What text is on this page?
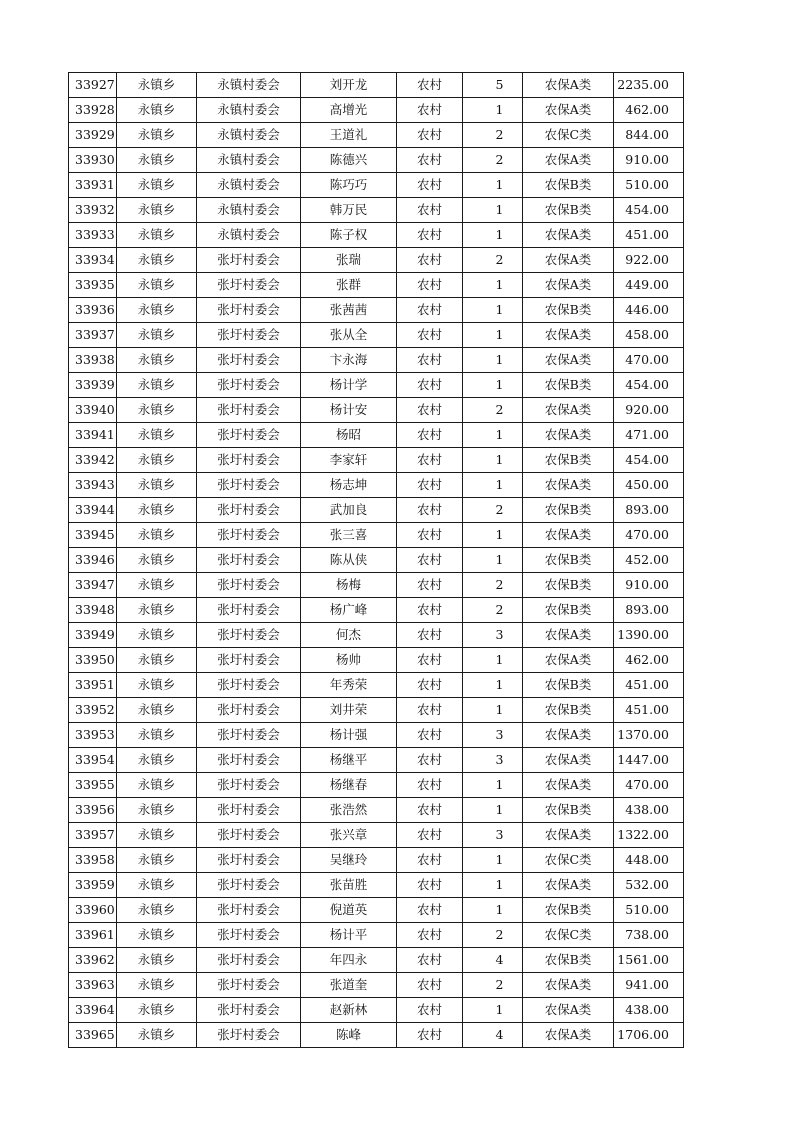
33927	永镇乡	永镇村委会	刘开龙	农村	5	农保A类	2235.00
33928	永镇乡	永镇村委会	高增光	农村	1	农保A类	462.00
33929	永镇乡	永镇村委会	王道礼	农村	2	农保C类	844.00
33930	永镇乡	永镇村委会	陈德兴	农村	2	农保A类	910.00
33931	永镇乡	永镇村委会	陈巧巧	农村	1	农保B类	510.00
33932	永镇乡	永镇村委会	韩万民	农村	1	农保B类	454.00
33933	永镇乡	永镇村委会	陈子权	农村	1	农保A类	451.00
33934	永镇乡	张圩村委会	张瑞	农村	2	农保A类	922.00
33935	永镇乡	张圩村委会	张群	农村	1	农保A类	449.00
33936	永镇乡	张圩村委会	张茜茜	农村	1	农保B类	446.00
33937	永镇乡	张圩村委会	张从全	农村	1	农保A类	458.00
33938	永镇乡	张圩村委会	卞永海	农村	1	农保A类	470.00
33939	永镇乡	张圩村委会	杨计学	农村	1	农保B类	454.00
33940	永镇乡	张圩村委会	杨计安	农村	2	农保A类	920.00
33941	永镇乡	张圩村委会	杨昭	农村	1	农保A类	471.00
33942	永镇乡	张圩村委会	李家轩	农村	1	农保B类	454.00
33943	永镇乡	张圩村委会	杨志坤	农村	1	农保A类	450.00
33944	永镇乡	张圩村委会	武加良	农村	2	农保B类	893.00
33945	永镇乡	张圩村委会	张三喜	农村	1	农保A类	470.00
33946	永镇乡	张圩村委会	陈从侠	农村	1	农保B类	452.00
33947	永镇乡	张圩村委会	杨梅	农村	2	农保B类	910.00
33948	永镇乡	张圩村委会	杨广峰	农村	2	农保B类	893.00
33949	永镇乡	张圩村委会	何杰	农村	3	农保A类	1390.00
33950	永镇乡	张圩村委会	杨帅	农村	1	农保A类	462.00
33951	永镇乡	张圩村委会	年秀荣	农村	1	农保B类	451.00
33952	永镇乡	张圩村委会	刘井荣	农村	1	农保B类	451.00
33953	永镇乡	张圩村委会	杨计强	农村	3	农保A类	1370.00
33954	永镇乡	张圩村委会	杨继平	农村	3	农保A类	1447.00
33955	永镇乡	张圩村委会	杨继春	农村	1	农保A类	470.00
33956	永镇乡	张圩村委会	张浩然	农村	1	农保B类	438.00
33957	永镇乡	张圩村委会	张兴章	农村	3	农保A类	1322.00
33958	永镇乡	张圩村委会	吴继玲	农村	1	农保C类	448.00
33959	永镇乡	张圩村委会	张苗胜	农村	1	农保A类	532.00
33960	永镇乡	张圩村委会	倪道英	农村	1	农保B类	510.00
33961	永镇乡	张圩村委会	杨计平	农村	2	农保C类	738.00
33962	永镇乡	张圩村委会	年四永	农村	4	农保B类	1561.00
33963	永镇乡	张圩村委会	张道奎	农村	2	农保A类	941.00
33964	永镇乡	张圩村委会	赵新林	农村	1	农保A类	438.00
33965	永镇乡	张圩村委会	陈峰	农村	4	农保A类	1706.00
